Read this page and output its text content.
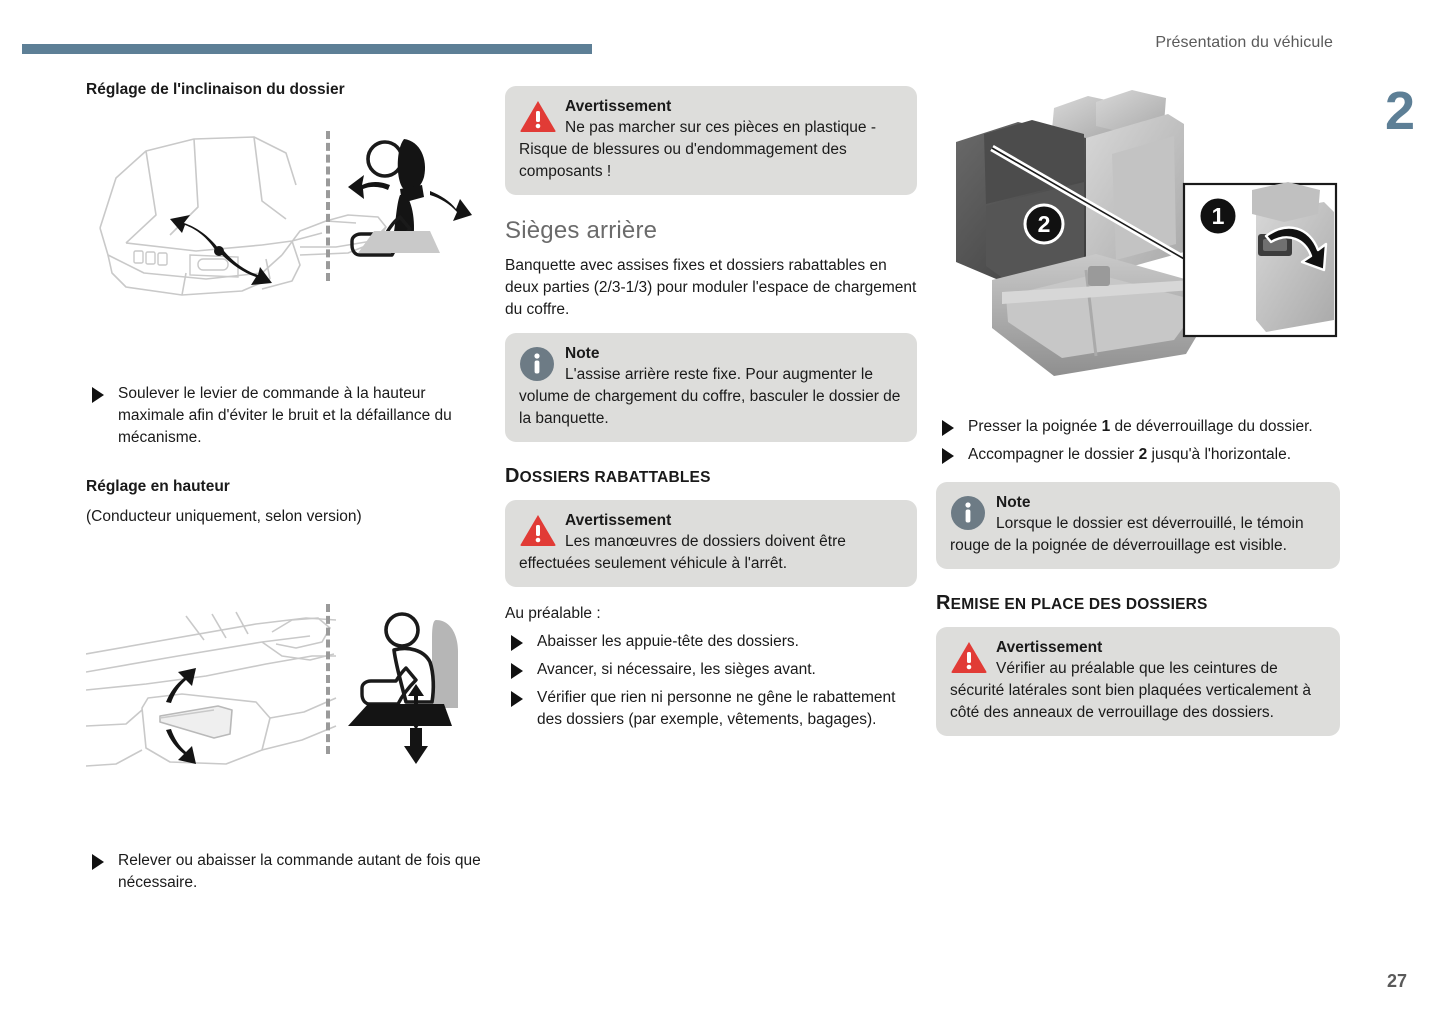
Présentation du véhicule
2
27
Réglage de l'inclinaison du dossier
Soulever le levier de commande à la hauteur maximale afin d'éviter le bruit et la défaillance du mécanisme.
Réglage en hauteur

(Conducteur uniquement, selon version)

Relever ou abaisser la commande autant de fois que nécessaire.
Avertissement
Ne pas marcher sur ces pièces en plastique - Risque de blessures ou d'endommagement des composants !
Sièges arrière

Banquette avec assises fixes et dossiers rabattables en deux parties (2/3-1/3) pour moduler l'espace de chargement du coffre.

Note
L'assise arrière reste fixe. Pour augmenter le volume de chargement du coffre, basculer le dossier de la banquette.
DOSSIERS RABATTABLES
Avertissement
Les manœuvres de dossiers doivent être effectuées seulement véhicule à l'arrêt.

Au préalable :

Abaisser les appuie-tête des dossiers.
Avancer, si nécessaire, les sièges avant.
Vérifier que rien ni personne ne gêne le rabattement des dossiers (par exemple, vêtements, bagages).
1
2
Presser la poignée 1 de déverrouillage du dossier.
Accompagner le dossier 2 jusqu'à l'horizontale.
Note
Lorsque le dossier est déverrouillé, le témoin rouge de la poignée de déverrouillage est visible.
REMISE EN PLACE DES DOSSIERS
Avertissement
Vérifier au préalable que les ceintures de sécurité latérales sont bien plaquées verticalement à côté des anneaux de verrouillage des dossiers.
